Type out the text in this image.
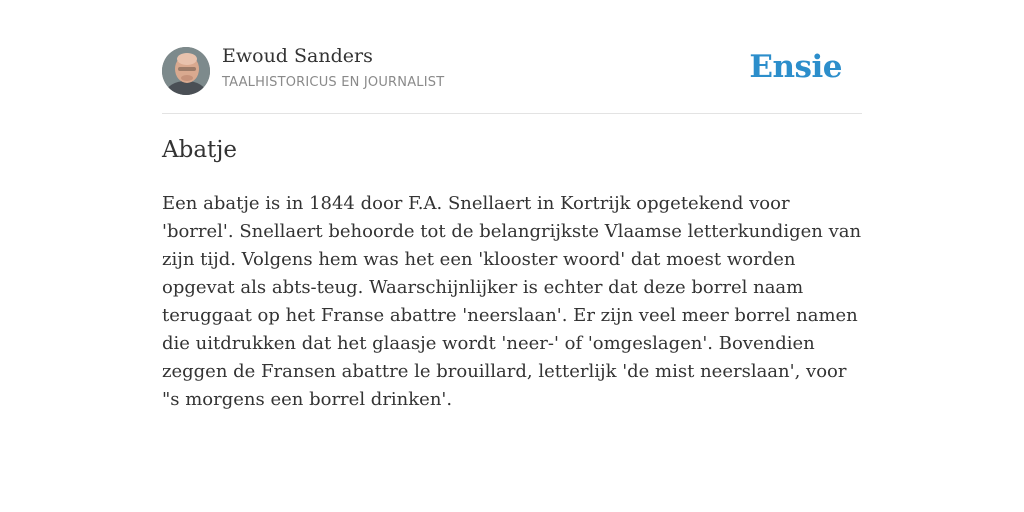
Ewoud Sanders
TAALHISTORICUS EN JOURNALIST	Ensie
Abatje

Een abatje is in 1844 door F.A. Snellaert in Kortrijk opgetekend voor 'borrel'. Snellaert behoorde tot de belangrijkste Vlaamse letterkundigen van zijn tijd. Volgens hem was het een 'klooster woord' dat moest worden opgevat als abts-teug. Waarschijnlijker is echter dat deze borrel naam teruggaat op het Franse abattre 'neerslaan'. Er zijn veel meer borrel namen die uitdrukken dat het glaasje wordt 'neer-' of 'omgeslagen'. Bovendien zeggen de Fransen abattre le brouillard, letterlijk 'de mist neerslaan', voor "s morgens een borrel drinken'.
